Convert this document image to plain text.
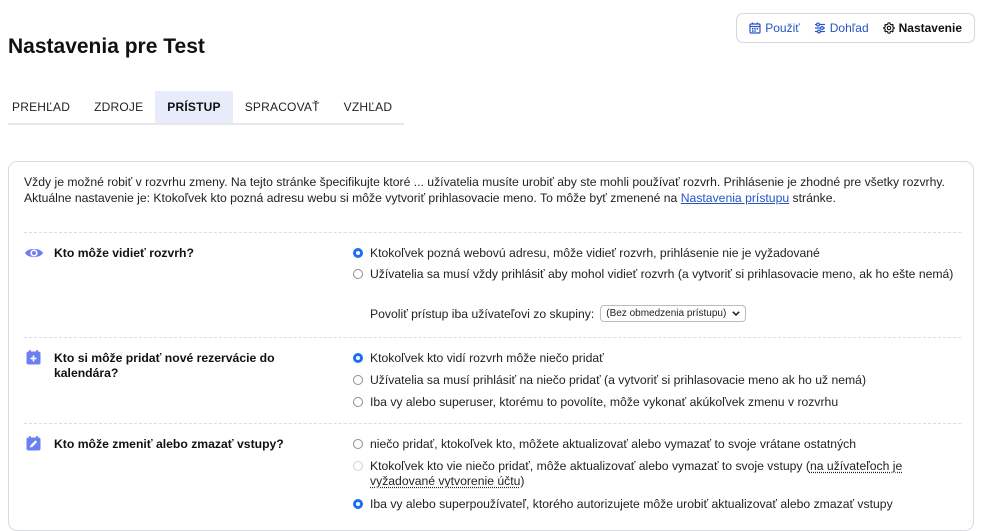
Použiť	Dohľad	Nastavenie
Nastavenia pre Test
PREHĽAD	ZDROJE	PRÍSTUP	SPRACOVAŤ	VZHĽAD
Vždy je možné robiť v rozvrhu zmeny. Na tejto stránke špecifikujte ktoré ... užívatelia musíte urobiť aby ste mohli používať rozvrh. Prihlásenie je zhodné pre všetky rozvrhy. Aktuálne nastavenie je: Ktokoľvek kto pozná adresu webu si môže vytvoriť prihlasovacie meno. To môže byť zmenené na Nastavenia prístupu stránke.
Kto môže vidieť rozvrh?	Ktokoľvek pozná webovú adresu, môže vidieť rozvrh, prihlásenie nie je vyžadované
Užívatelia sa musí vždy prihlásiť aby mohol vidieť rozvrh (a vytvoriť si prihlasovacie meno, ak ho ešte nemá)
Povoliť prístup iba užívateľovi zo skupiny: (Bez obmedzenia prístupu)
Kto si môže pridať nové rezervácie do kalendára?
Ktokoľvek kto vidí rozvrh môže niečo pridať
Užívatelia sa musí prihlásiť na niečo pridať (a vytvoriť si prihlasovacie meno ak ho už nemá)
Iba vy alebo superuser, ktorému to povolíte, môže vykonať akúkoľvek zmenu v rozvrhu
Kto môže zmeniť alebo zmazať vstupy?	niečo pridať, ktokoľvek kto, môžete aktualizovať alebo vymazať to svoje vrátane ostatných
Ktokoľvek kto vie niečo pridať, môže aktualizovať alebo vymazať to svoje vstupy (na užívateľoch je vyžadované vytvorenie účtu)
Iba vy alebo superpoužívateľ, ktorého autorizujete môže urobiť aktualizovať alebo zmazať vstupy
